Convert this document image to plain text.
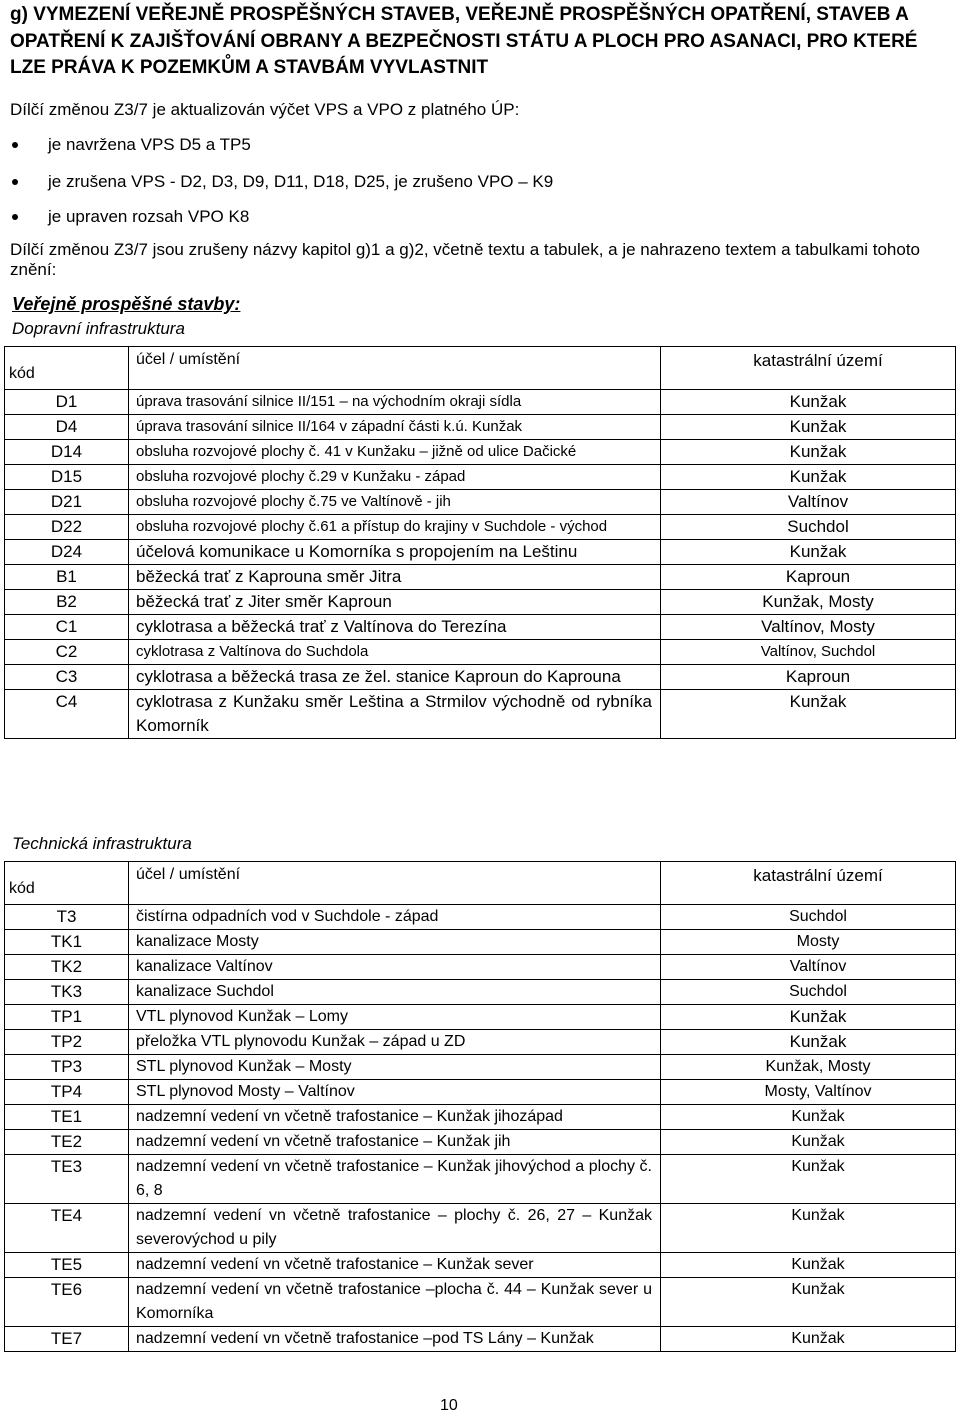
g) VYMEZENÍ VEŘEJNĚ PROSPĚŠNÝCH STAVEB, VEŘEJNĚ PROSPĚŠNÝCH OPATŘENÍ, STAVEB A OPATŘENÍ K ZAJIŠŤOVÁNÍ OBRANY A BEZPEČNOSTI STÁTU A PLOCH PRO ASANACI, PRO KTERÉ LZE PRÁVA K POZEMKŮM A STAVBÁM VYVLASTNIT
Dílčí změnou Z3/7 je aktualizován výčet VPS a VPO z platného ÚP:
je navržena VPS D5 a TP5
je zrušena VPS - D2, D3, D9, D11, D18, D25, je zrušeno VPO – K9
je upraven rozsah VPO K8
Dílčí změnou Z3/7 jsou zrušeny názvy kapitol g)1 a g)2, včetně textu a tabulek, a je nahrazeno textem a tabulkami tohoto znění:
Veřejně prospěšné stavby:
Dopravní infrastruktura
kód	účel / umístění	katastrální území

D1	úprava trasování silnice II/151 – na východním okraji sídla	Kunžak
D4	úprava trasování silnice II/164 v západní části k.ú. Kunžak	Kunžak
D14	obsluha rozvojové plochy č. 41 v Kunžaku – jižně od ulice Dačické	Kunžak
D15	obsluha rozvojové plochy č.29 v Kunžaku - západ	Kunžak
D21	obsluha rozvojové plochy č.75 ve Valtínově - jih	Valtínov
D22	obsluha rozvojové plochy č.61 a přístup do krajiny v Suchdole - východ	Suchdol
D24	účelová komunikace u Komorníka s propojením na Leštinu	Kunžak
B1	běžecká trať z Kaprouna směr Jitra	Kaproun
B2	běžecká trať z Jiter směr Kaproun	Kunžak, Mosty
C1	cyklotrasa a běžecká trať z Valtínova do Terezína	Valtínov, Mosty
C2	cyklotrasa z Valtínova do Suchdola	Valtínov, Suchdol
C3	cyklotrasa a běžecká trasa ze žel. stanice Kaproun do Kaprouna	Kaproun
C4	cyklotrasa z Kunžaku směr Leština a Strmilov východně od rybníka Komorník	Kunžak
Technická infrastruktura
kód	účel / umístění	katastrální území

T3	čistírna odpadních vod v Suchdole - západ	Suchdol
TK1	kanalizace Mosty	Mosty
TK2	kanalizace Valtínov	Valtínov
TK3	kanalizace Suchdol	Suchdol
TP1	VTL plynovod Kunžak – Lomy	Kunžak
TP2	přeložka VTL plynovodu Kunžak – západ u ZD	Kunžak
TP3	STL plynovod Kunžak – Mosty	Kunžak, Mosty
TP4	STL plynovod Mosty – Valtínov	Mosty, Valtínov
TE1	nadzemní vedení vn včetně trafostanice – Kunžak jihozápad	Kunžak
TE2	nadzemní vedení vn včetně trafostanice – Kunžak jih	Kunžak
TE3	nadzemní vedení vn včetně trafostanice – Kunžak jihovýchod a plochy č. 6, 8	Kunžak
TE4	nadzemní vedení vn včetně trafostanice – plochy č. 26, 27 – Kunžak severovýchod u pily	Kunžak
TE5	nadzemní vedení vn včetně trafostanice – Kunžak sever	Kunžak
TE6	nadzemní vedení vn včetně trafostanice –plocha č. 44 – Kunžak sever u Komorníka	Kunžak
TE7	nadzemní vedení vn včetně trafostanice –pod TS Lány – Kunžak	Kunžak
10
